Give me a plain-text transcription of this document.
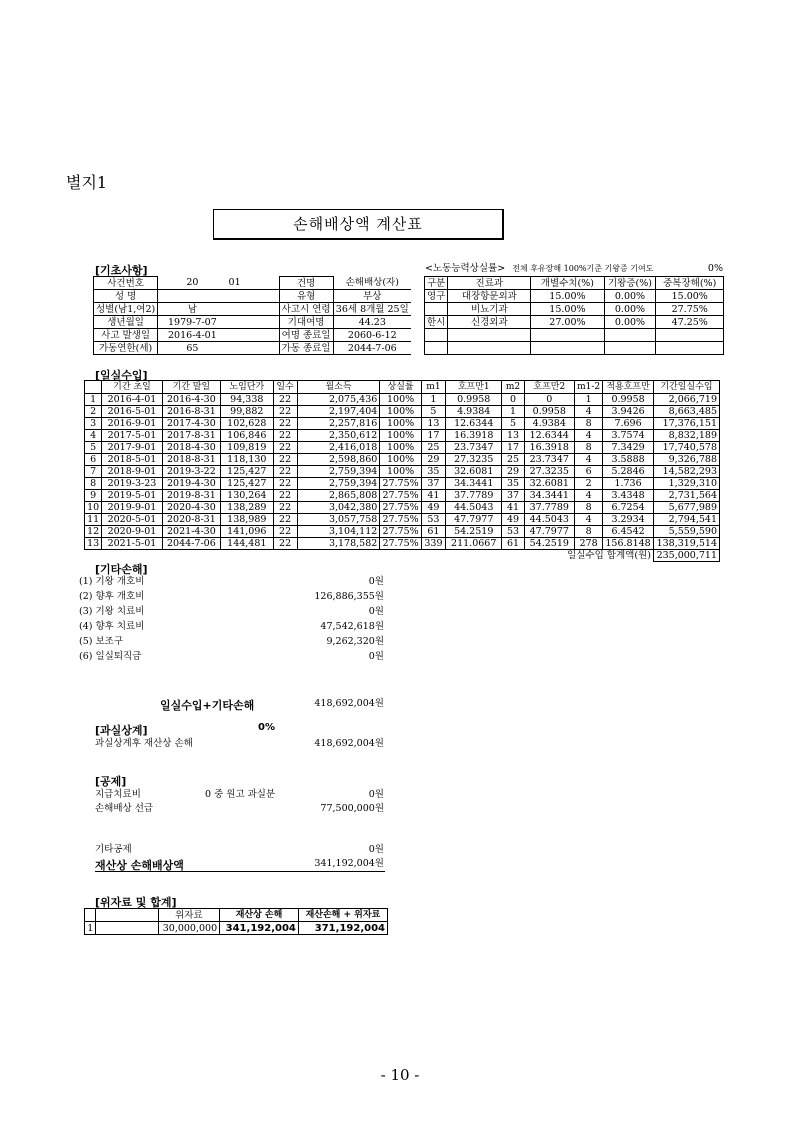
별지1
손해배상액 계산표
[기초사항]
사건번호	20	01	건명	손해배상(자)
성 명			유형	부상
성별(남1,여2)	남		사고시 연령	36세 8개월 25일
생년월일	1979-7-07		기대여명	44.23
사고 발생일	2016-4-01		여명 종료일	2060-6-12
가동연한(세)	65		가동 종료일	2044-7-06
<노동능력상실률> 전체 후유장해 100%기준 기왕증 기여도	0%
구분	진료과	개별수치(%)	기왕증(%)	중복장해(%)
영구	대장항문외과	15.00%	0.00%	15.00%
	비뇨기과	15.00%	0.00%	27.75%
한시	신경외과	27.00%	0.00%	47.25%

[일실수입]
	기간 초일	기간 말일	노임단가	일수	월소득	상실률	m1	호프만1	m2	호프만2	m1-2	적용호프만	기간일실수입
1	2016-4-01	2016-4-30	94,338	22	2,075,436	100%	1	0.9958	0	0	1	0.9958	2,066,719
2	2016-5-01	2016-8-31	99,882	22	2,197,404	100%	5	4.9384	1	0.9958	4	3.9426	8,663,485
3	2016-9-01	2017-4-30	102,628	22	2,257,816	100%	13	12.6344	5	4.9384	8	7.696	17,376,151
4	2017-5-01	2017-8-31	106,846	22	2,350,612	100%	17	16.3918	13	12.6344	4	3.7574	8,832,189
5	2017-9-01	2018-4-30	109,819	22	2,416,018	100%	25	23.7347	17	16.3918	8	7.3429	17,740,578
6	2018-5-01	2018-8-31	118,130	22	2,598,860	100%	29	27.3235	25	23.7347	4	3.5888	9,326,788
7	2018-9-01	2019-3-22	125,427	22	2,759,394	100%	35	32.6081	29	27.3235	6	5.2846	14,582,293
8	2019-3-23	2019-4-30	125,427	22	2,759,394	27.75%	37	34.3441	35	32.6081	2	1.736	1,329,310
9	2019-5-01	2019-8-31	130,264	22	2,865,808	27.75%	41	37.7789	37	34.3441	4	3.4348	2,731,564
10	2019-9-01	2020-4-30	138,289	22	3,042,380	27.75%	49	44.5043	41	37.7789	8	6.7254	5,677,989
11	2020-5-01	2020-8-31	138,989	22	3,057,758	27.75%	53	47.7977	49	44.5043	4	3.2934	2,794,541
12	2020-9-01	2021-4-30	141,096	22	3,104,112	27.75%	61	54.2519	53	47.7977	8	6.4542	5,559,590
13	2021-5-01	2044-7-06	144,481	22	3,178,582	27.75%	339	211.0667	61	54.2519	278	156.8148	138,319,514
일실수입 합계액(원)													235,000,711
[기타손해]
(1) 기왕 개호비	0원
(2) 향후 개호비	126,886,355원
(3) 기왕 치료비	0원
(4) 향후 치료비	47,542,618원
(5) 보조구	9,262,320원
(6) 일실퇴직금	0원
일실수입+기타손해	418,692,004원
[과실상계]	0%
과실상계후 재산상 손해	418,692,004원
[공제]
지급치료비	0 중 원고 과실분	0원
손해배상 선급	77,500,000원
기타공제	0원
재산상 손해배상액	341,192,004원
[위자료 및 합계]
		위자료	재산상 손해	재산손해 + 위자료
1		30,000,000	341,192,004	371,192,004
- 10 -
